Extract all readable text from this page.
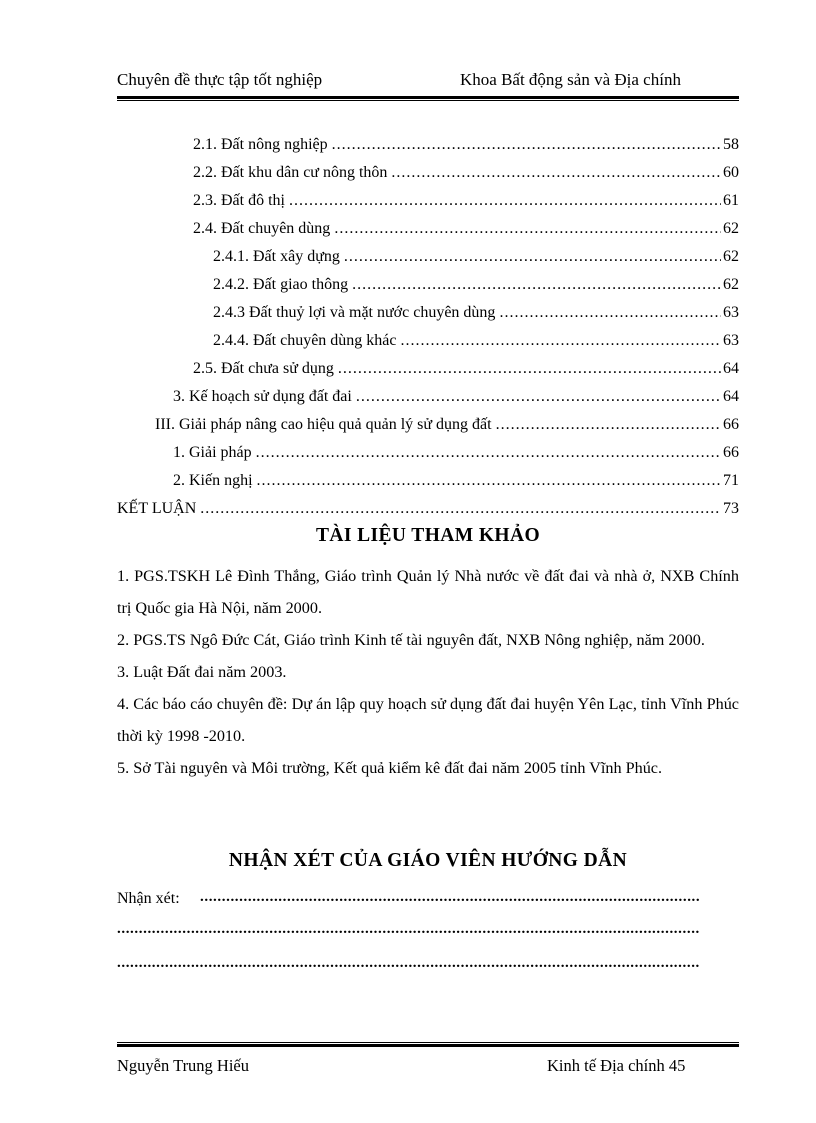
Chuyên đề thực tập tốt nghiệp	Khoa Bất động sản và Địa chính
2.1. Đất nông nghiệp .....	58
2.2. Đất khu dân cư nông thôn .....	60
2.3. Đất đô thị .....	61
2.4. Đất chuyên dùng .....	62
2.4.1. Đất xây dựng .....	62
2.4.2. Đất giao thông .....	62
2.4.3 Đất thuỷ lợi và mặt nước chuyên dùng .....	63
2.4.4. Đất chuyên dùng khác .....	63
2.5. Đất chưa sử dụng .....	64
3. Kế hoạch sử dụng đất đai .....	64
III. Giải pháp nâng cao hiệu quả quản lý sử dụng đất .....	66
1. Giải pháp .....	66
2. Kiến nghị .....	71
KẾT LUẬN .....	73
TÀI LIỆU THAM KHẢO

1. PGS.TSKH Lê Đình Thắng, Giáo trình Quản lý Nhà nước về đất đai và nhà ở, NXB Chính trị Quốc gia Hà Nội, năm 2000.

2. PGS.TS Ngô Đức Cát, Giáo trình Kinh tế tài nguyên đất, NXB Nông nghiệp, năm 2000.

3. Luật Đất đai năm 2003.

4. Các báo cáo chuyên đề: Dự án lập quy hoạch sử dụng đất đai huyện Yên Lạc, tỉnh Vĩnh Phúc thời kỳ 1998 -2010.

5. Sở Tài nguyên và Môi trường, Kết quả kiểm kê đất đai năm 2005 tỉnh Vĩnh Phúc.

NHẬN XÉT CỦA GIÁO VIÊN HƯỚNG DẪN
Nhận xét:
.....
.....
.....
Nguyễn Trung Hiếu	Kinh tế Địa chính 45
